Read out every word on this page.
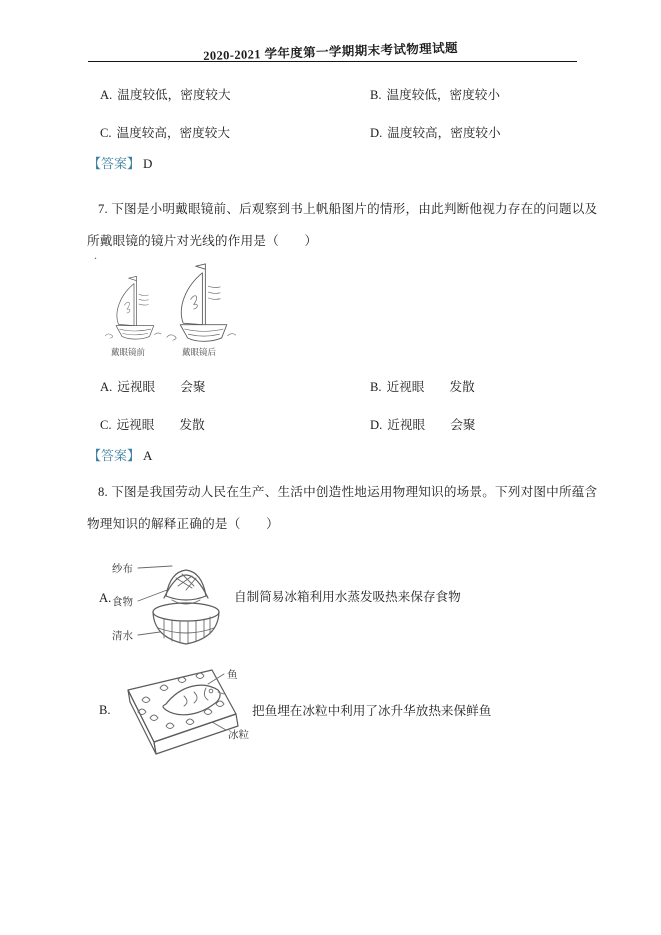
2020-2021 学年度第一学期期末考试物理试题
A. 温度较低，密度较大	B. 温度较低，密度较小
C. 温度较高，密度较大	D. 温度较高，密度较小
【答案】 D
7. 下图是小明戴眼镜前、后观察到书上帆船图片的情形，由此判断他视力存在的问题以及
所戴眼镜的镜片对光线的作用是（　　）
.
戴眼镜前	戴眼镜后
A. 远视眼　　会聚	B. 近视眼　　发散
C. 远视眼　　发散	D. 近视眼　　会聚
【答案】 A
8. 下图是我国劳动人民在生产、生活中创造性地运用物理知识的场景。下列对图中所蕴含
物理知识的解释正确的是（　　）
A.
纱布
食物
清水
自制简易冰箱利用水蒸发吸热来保存食物
B.
鱼
冰粒
把鱼埋在冰粒中利用了冰升华放热来保鲜鱼
